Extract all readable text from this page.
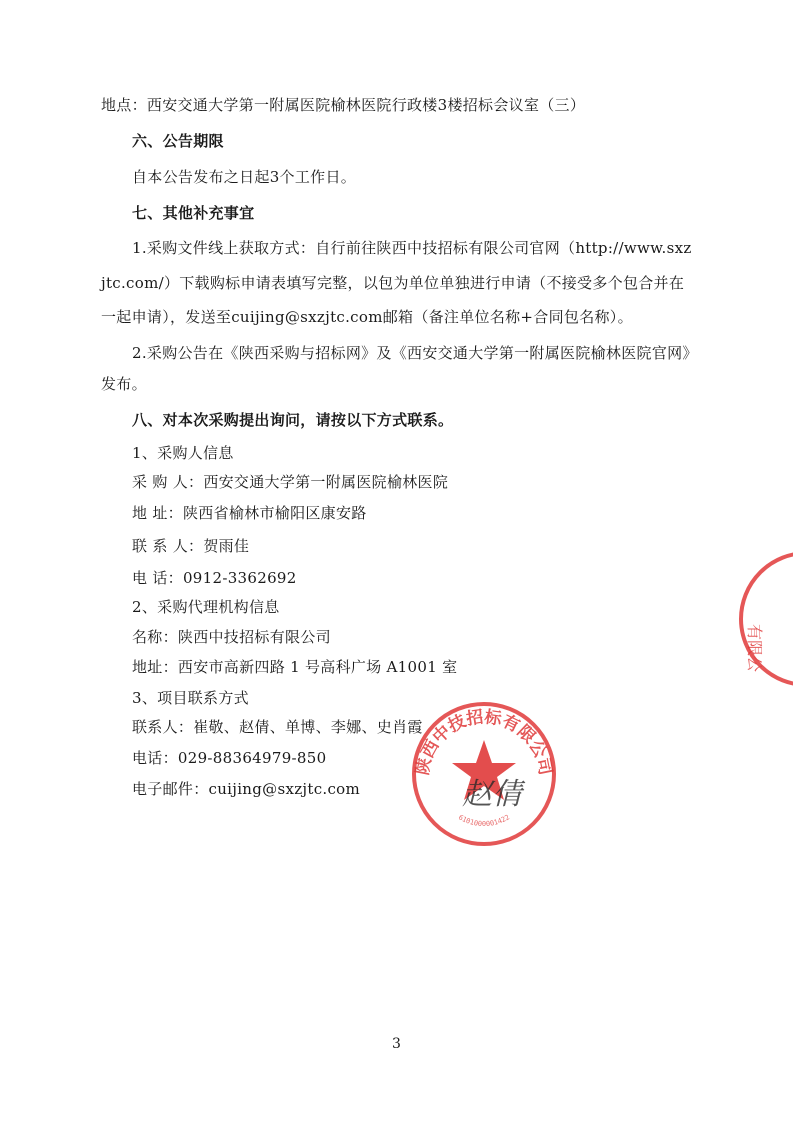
地点：西安交通大学第一附属医院榆林医院行政楼3楼招标会议室（三）
六、公告期限
自本公告发布之日起3个工作日。
七、其他补充事宜
1.采购文件线上获取方式：自行前往陕西中技招标有限公司官网（http://www.sxz
jtc.com/）下载购标申请表填写完整，以包为单位单独进行申请（不接受多个包合并在
一起申请），发送至cuijing@sxzjtc.com邮箱（备注单位名称+合同包名称）。
2.采购公告在《陕西采购与招标网》及《西安交通大学第一附属医院榆林医院官网》
发布。
八、对本次采购提出询问，请按以下方式联系。
1、采购人信息
采 购 人：西安交通大学第一附属医院榆林医院
地 址：陕西省榆林市榆阳区康安路
联 系 人：贺雨佳
电 话：0912-3362692
2、采购代理机构信息
名称：陕西中技招标有限公司
地址：西安市高新四路 1 号高科广场 A1001 室
3、项目联系方式
联系人：崔敬、赵倩、单博、李娜、史肖霞
电话：029-88364979-850
电子邮件：cuijing@sxzjtc.com
陕西中技招标有限公司
6101000001422
赵倩
有限公
3
